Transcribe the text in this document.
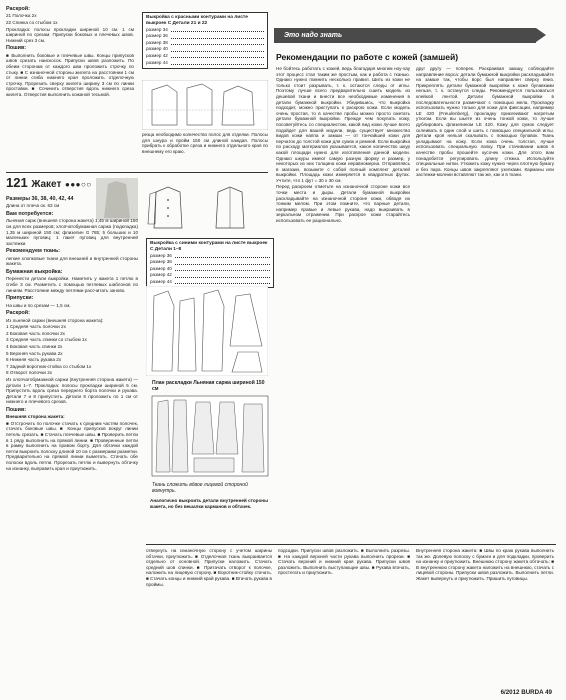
Раскрой:
21 Полочка 2х
22 Спинка со стыбом 1х
Прокладка: полосы прокладки шириной 10 см. 1 см шириной по срезам. Припуски боковых и плечевых швов. Нижний срез 3 см.
Пошив:
■ Выполнить боковые и плечевые швы. Концы припусков швов срезать наискосок. Припуски швов разложить. По обеим сторонам от каждого шва проложить строчку по стыку. ■ С изнаночной стороны жилета на расстоянии 1 см от линии сгиба нижнего края проложить отделочную строчку. Прорезать сверху жилета ширину 3 см по линии проставки. ■ Сочинить отверстия вдоль нижнего среза жилета. Отверстия выполнить кожаной тесьмой.
Выкройка с красными контурами на листе выкроек С Детали 21 и 22
размер 34
размер 36
размер 38
размер 40
размер 42
размер 44
резца необходимо количество полос для отделки. Полосы для шнура и пройм 150 см длиной каждая. Полосы прибрать к обработке среза и нижнего отдельного края по внешнему его краю.
121 Жакет ●●●○○
Размеры 36, 38, 40, 42, 44
Длина от плеча ок. 63 см
Вам потребуется:
Льняная сарж (внешняя сторона жакета) 1,45 м шириной 150 см для всех размеров; хлопчатобумажная саржа (подкладка) 1,35 м шириной 150 см; флизелин G 785; 5 больших и 10 маленьких пуговиц; 1 пакет пуговиц для внутренней застежки.
Рекомендуем ткань:
легкие хлопковые ткани для внешней и внутренней стороны жакета.
Бумажная выкройка:
Перенести детали выкройки. Наметить у жакета 1 петлю в сгибе 3 см. Разметить с помощью петлевых шаблонов по линиям. Расстояние между петлями рассчитать заново.
Припуски:
На швы и по срезам — 1,5 см.
Раскрой:
Из льняной саржи (внешняя сторона жакета):
1 Средняя часть полочки 2х
2 Боковая часть полочки 2х
3 Средняя часть спинки со стыбом 1х
4 Боковая часть спинки 2х
5 Верхняя часть рукава 2х
6 Нижняя часть рукава 2х
7 Задний воротник-стойка со стыбом 1х
8 Отворот полочки 2х
Из хлопчатобумажной саржи (внутренняя сторона жакета) — детали 1–7. Прокладка: полосы прокладки шириной 5 см. Припустить вдоль среза переднего борта полочки и рукава. Детали 7 и 8 припустить. Детали 8 проложить по 1 см от нижнего и плечевого срезов.
Пошив:
Внешняя сторона жакета:
■ Отстрочить по полочке стачать к средним частям полочек, стачать боковые швы. ■ Концы припусков вокруг линии петель срезать. ■ Стачать плечевые швы. ■ Проверить петли в 1 ряду выполнить на прямой линии. ■ Проверенные петли в рамку выполнить на правом борту. Для обтачки каждой петли выкроить полоску длиной 10 см с размерами разметки. Предварительно на прямой линии выметать. Стачать обе полоски вдоль петли. Прорезать петлю и вывернуть обтачку на изнанку, выправить края и приутюжить.
Выкройка с синими контурами на листе выкроек С Детали 1–8
размер 36
размер 38
размер 40
размер 42
размер 44
План раскладки Льняная саржа шириной 150 см
Ткань сложить вдвое лицевой стороной вовнутрь.
Аналогично выкроить детали внутренней стороны жакета, но без вешалки карманов и обтачек.
Это надо знать
Рекомендации по работе с кожей (замшей)
Не бойтесь работать с кожей, ведь благодаря многим ноу-хау этот процесс стал таким же простым, как и работа с тканью. Однако нужно помнить несколько правил. Шить из кожи не только стоит разрывать, т. к. остаются следы от иглы. Поэтому лучше всего предварительно сшить модель из дешевой ткани и внести все необходимые изменения в детали бумажной выкройки. Убедившись, что выкройка подходит, можно приступать к раскрою кожи. Если модель очень простая, то в качестве пробы можно просто сметать детали бумажной выкройки. Прежде чем покупать кожу, посоветуйтесь со специалистом, какой вид кожи лучше всего подойдет для вашей модели, ведь существует множество видов кожи наппа и замши — от тончайшей кожи для перчаток до толстой кожи для сумок и ремней. Если выкройка по расходу материалов указывается, какое количество шкур какой площади нужно для изготовления данной модели. Однако шкуры имеют самую разную форму и размер, у некоторых из них толщина кожи неравномерна. Отправляясь в магазин, возьмите с собой полный комплект деталей выкройки. Площадь кожи измеряется в квадратных футах. Учтите, что 1 фут = 30 х 30 см.
Перед раскроем отметьте на изнаночной стороне кожи все точки места и дыры. Детали бумажной выкройки раскладывайте на изнаночной стороне кожи, обводя их тонким мелом. При этом помните, что парные детали, например правые и левые рукава, надо выкраивать в зеркальном отражении. При раскрое кожи старайтесь использовать ее рационально.
друг другу — поперек. Раскраивая замшу, соблюдайте направление ворса: детали бумажной выкройки раскладывайте на замше так, чтобы ворс был направлен сверху вниз. Прикреплять детали бумажной выкройки к коже булавками нельзя, т. к. останутся следы. Рекомендуется пользоваться клейкой лентой. Детали бумажной выкройки в последовательности размечают с помощью мела. Прокладку использовать нужно только для кожи для фиксации, например LE 420 (Freudenberg), прокладку приклеивают нагретым утюгом. Если вы шьете из очень тонкой кожи, то лучше дублировать флизелином LE 420. Кожу для сумок следует склеивать в один слой и шить с помощью специальной иглы. Детали кроя нельзя скалывать с помощью булавок. Ткань укладывают на кожу. Если кожа очень толстая, лучше использовать специальную лапку. При стачивании швов в качестве пробы прошейте кусочек кожи. Для этого вам понадобится регулировать длину стежка. Используйте специальные нитки. Утюжить кожу нужно через плотную бумагу и без пара. Концы швов закрепляют узелками. Карманы или застежки-молнии вставляют так же, как и в ткани.
отвернуть на изнаночную сторону с учетом ширины обтачки, приутюжить. ■ Отделочная ткань выкраивается отдельно от основной. Припуски наложить. Стачать средний шов спинки. ■ Притачать отворот к полочке, наложить на лицевую сторону. ■ Воротник-стойку стачать. ■ Стачать концы и нижний край рукава. ■ Втачать рукава в проймы.
подсадки. Припуски швов разложить. ■ Выполнить разрезы. ■ На каждой верхней части рукава выполнить прорези. ■ Стачать верхний и нижний края рукава. Припуски швов разложить. Выполнить выступающие швы. ■ Рукава втачать, простегать и приутюжить.
Внутренняя сторона жакета: ■ Швы по краю рукава выполнить так же. Долевую полоску с бумаги и для подкладки, проверить на изнанку и приутюжить. Внешнюю сторону жакета обтачать: ■ В внутреннюю сторону жакета наложить на внешнюю, стачать с лицевой стороны. Припуски швов разложить. Выполнить петли. Жакет вывернуть и приутюжить. Пришить пуговицы.
6/2012 BURDA 49
